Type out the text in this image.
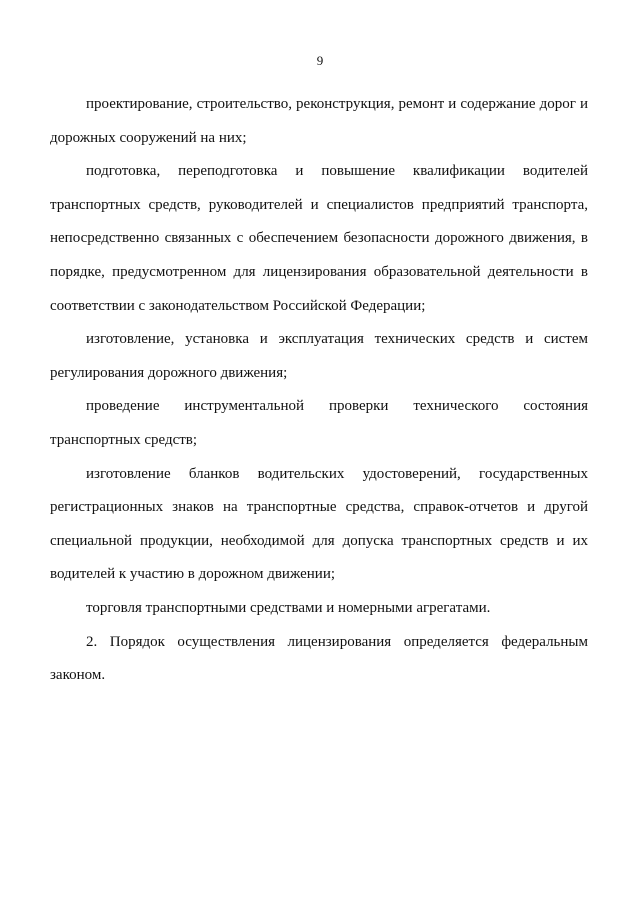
9

проектирование, строительство, реконструкция, ремонт и содержание дорог и дорожных сооружений на них;

подготовка, переподготовка и повышение квалификации водителей транспортных средств, руководителей и специалистов предприятий транспорта, непосредственно связанных с обеспечением безопасности дорожного движения, в порядке, предусмотренном для лицензирования образовательной деятельности в соответствии с законодательством Российской Федерации;

изготовление, установка и эксплуатация технических средств и систем регулирования дорожного движения;

проведение инструментальной проверки технического состояния транспортных средств;

изготовление бланков водительских удостоверений, государственных регистрационных знаков на транспортные средства, справок-отчетов и другой специальной продукции, необходимой для допуска транспортных средств и их водителей к участию в дорожном движении;

торговля транспортными средствами и номерными агрегатами.

2. Порядок осуществления лицензирования определяется федеральным законом.
